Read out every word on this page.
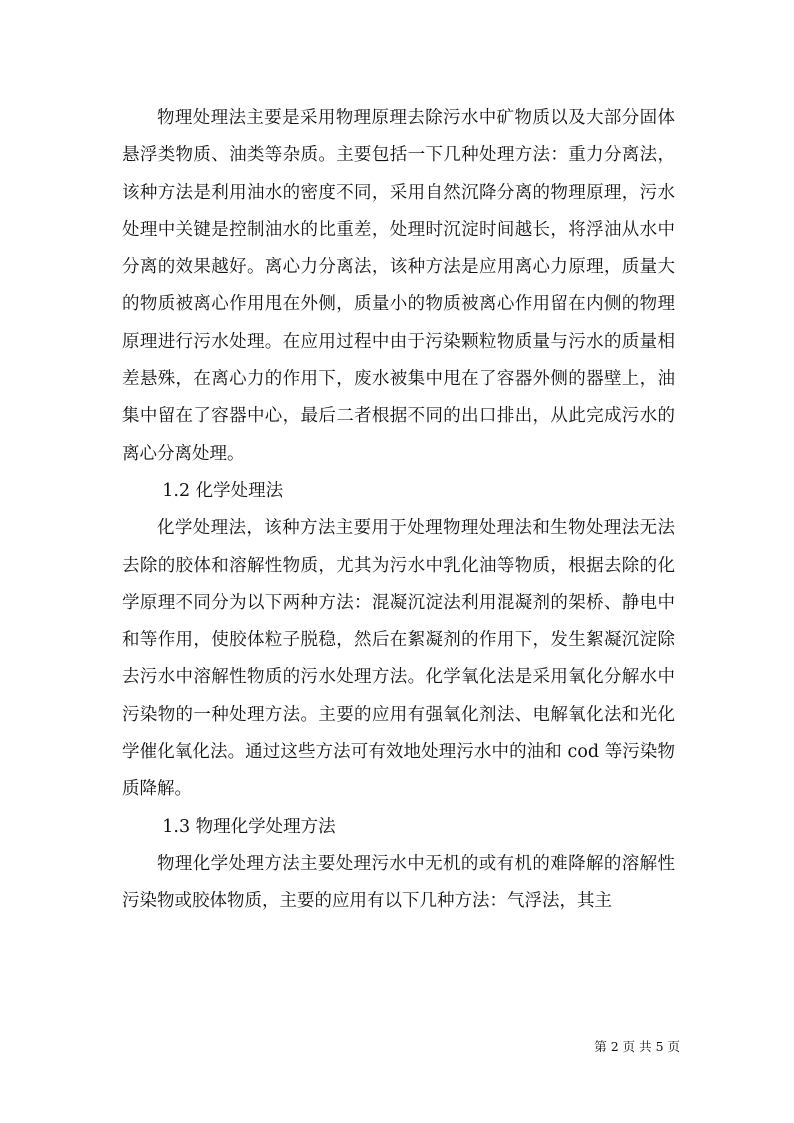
物理处理法主要是采用物理原理去除污水中矿物质以及大部分固体悬浮类物质、油类等杂质。主要包括一下几种处理方法：重力分离法，该种方法是利用油水的密度不同，采用自然沉降分离的物理原理，污水处理中关键是控制油水的比重差，处理时沉淀时间越长，将浮油从水中分离的效果越好。离心力分离法，该种方法是应用离心力原理，质量大的物质被离心作用甩在外侧，质量小的物质被离心作用留在内侧的物理原理进行污水处理。在应用过程中由于污染颗粒物质量与污水的质量相差悬殊，在离心力的作用下，废水被集中甩在了容器外侧的器壁上，油集中留在了容器中心，最后二者根据不同的出口排出，从此完成污水的离心分离处理。

1.2 化学处理法

化学处理法，该种方法主要用于处理物理处理法和生物处理法无法去除的胶体和溶解性物质，尤其为污水中乳化油等物质，根据去除的化学原理不同分为以下两种方法：混凝沉淀法利用混凝剂的架桥、静电中和等作用，使胶体粒子脱稳，然后在絮凝剂的作用下，发生絮凝沉淀除去污水中溶解性物质的污水处理方法。化学氧化法是采用氧化分解水中污染物的一种处理方法。主要的应用有强氧化剂法、电解氧化法和光化学催化氧化法。通过这些方法可有效地处理污水中的油和 cod 等污染物质降解。

1.3 物理化学处理方法

物理化学处理方法主要处理污水中无机的或有机的难降解的溶解性污染物或胶体物质，主要的应用有以下几种方法：气浮法，其主

第 2 页 共 5 页
